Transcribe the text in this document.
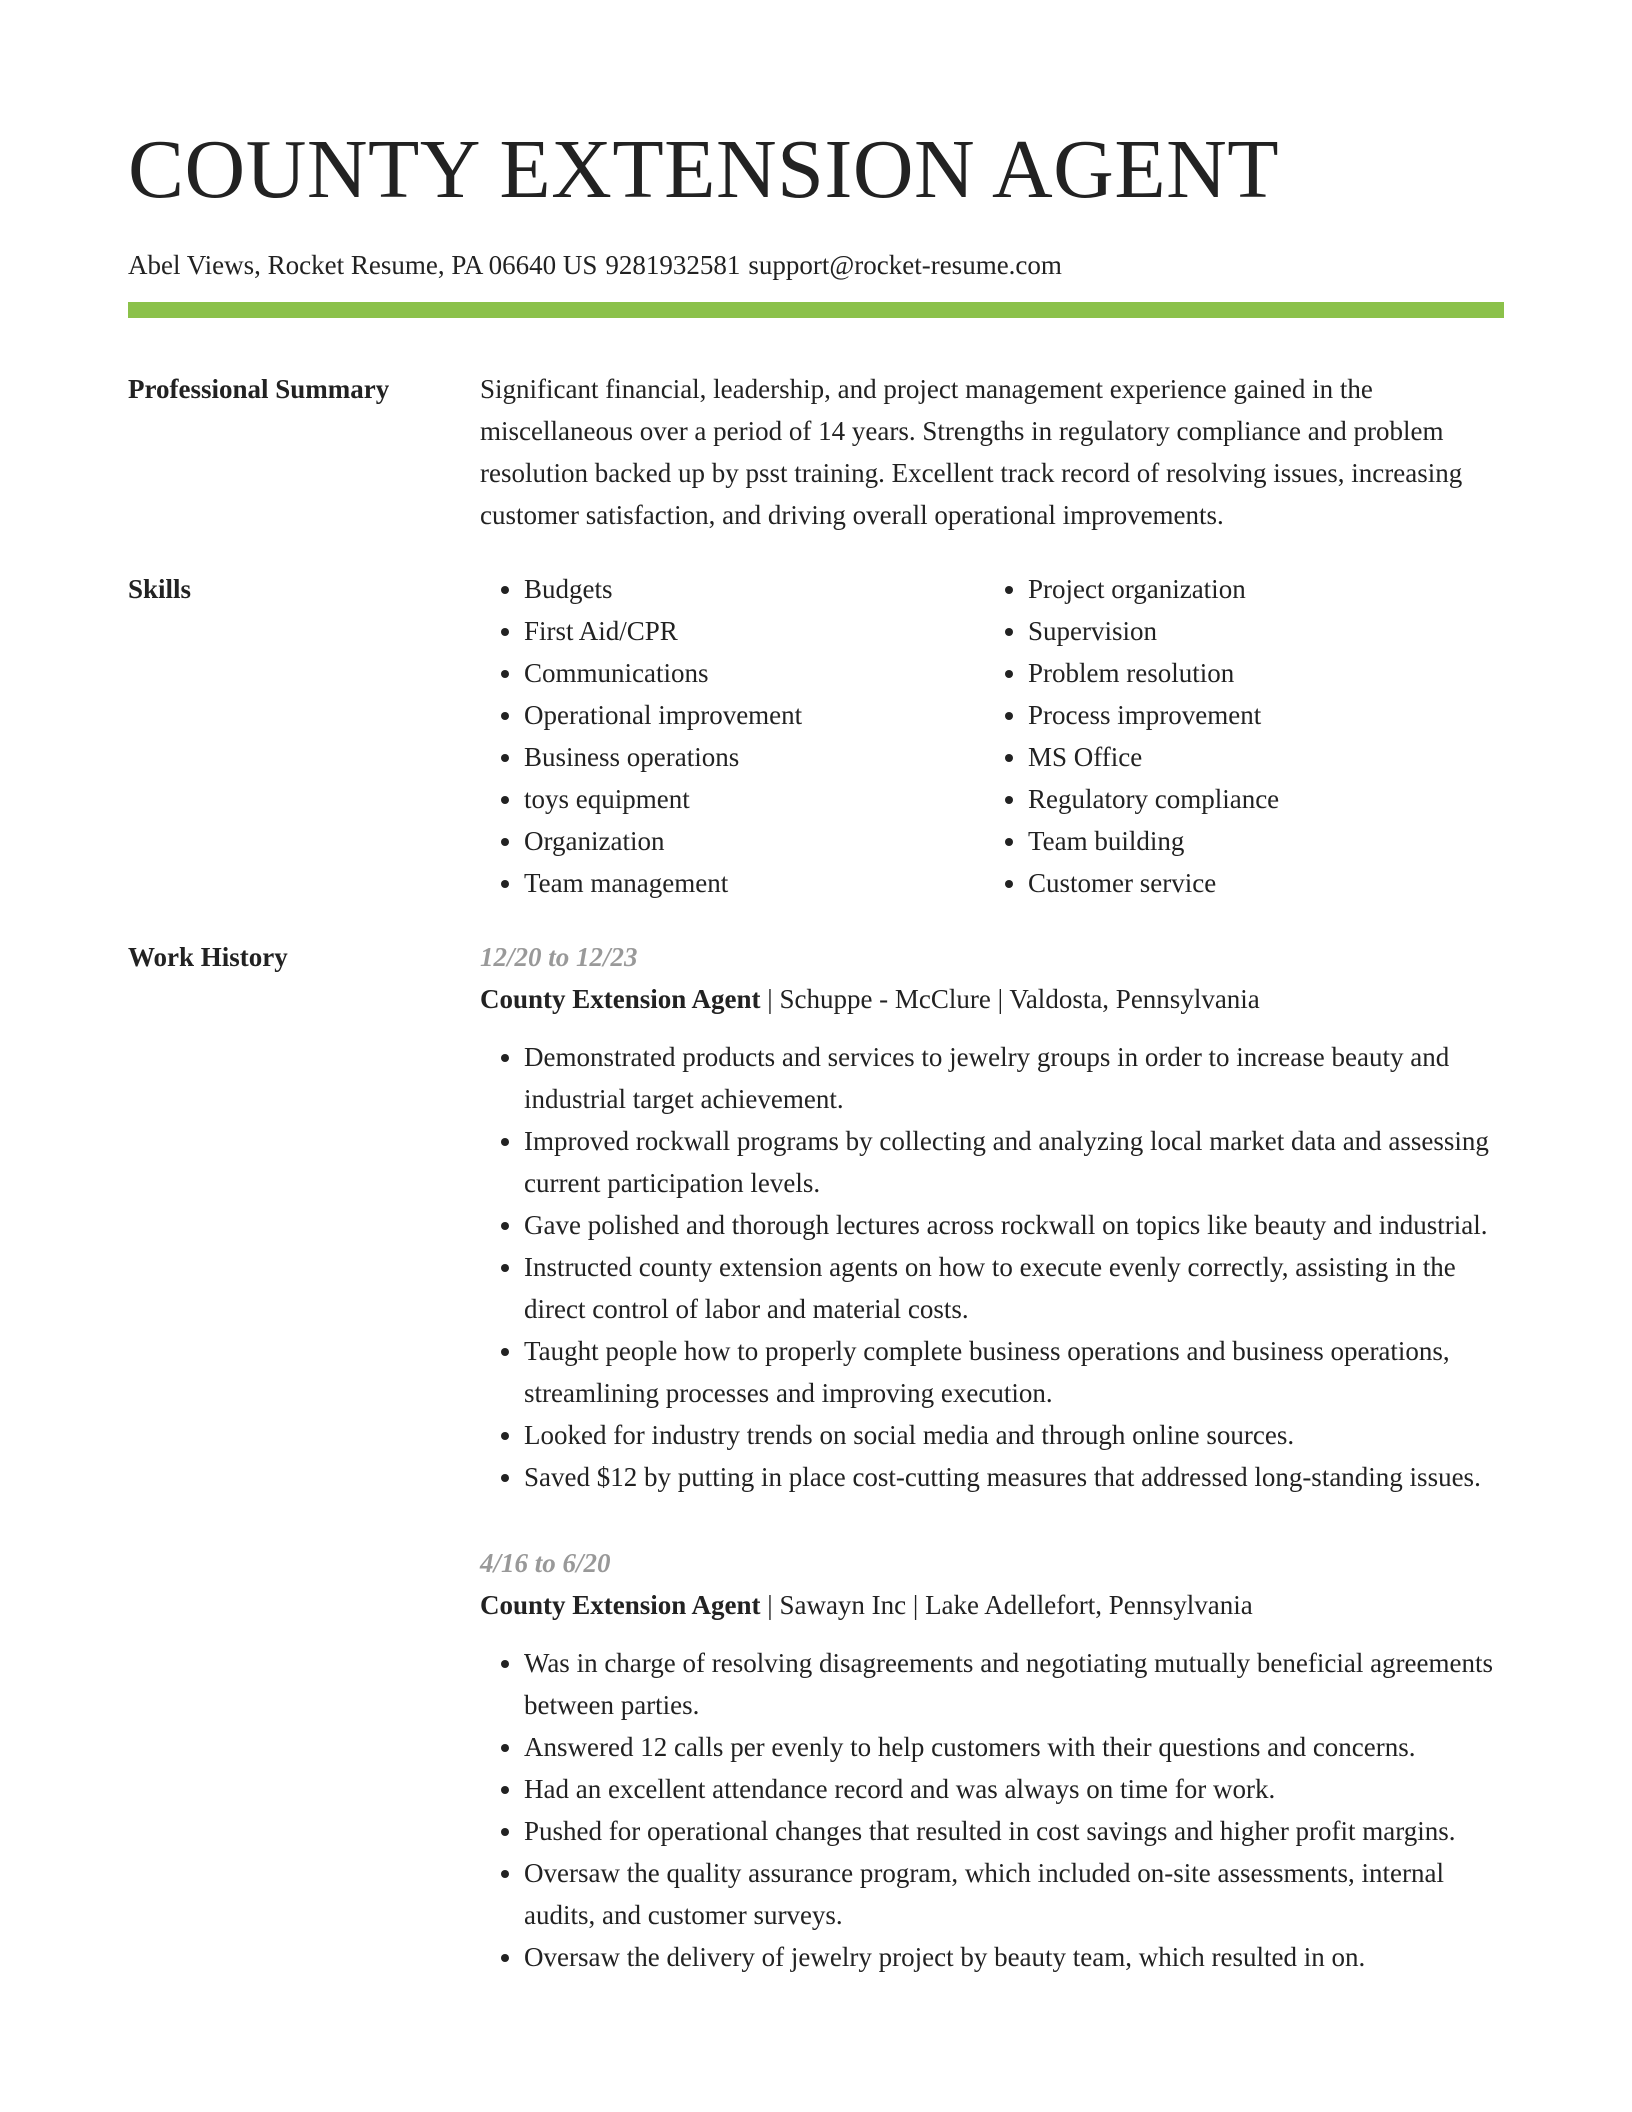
COUNTY EXTENSION AGENT
Abel Views, Rocket Resume, PA 06640 US 9281932581 support@rocket-resume.com
Professional Summary	Significant financial, leadership, and project management experience gained in the miscellaneous over a period of 14 years. Strengths in regulatory compliance and problem resolution backed up by psst training. Excellent track record of resolving issues, increasing customer satisfaction, and driving overall operational improvements.
Skills
•	Budgets
• First Aid/CPR
• Communications
• Operational improvement
• Business operations
• toys equipment
• Organization
• Team management
• Project organization
• Supervision
• Problem resolution
• Process improvement
• MS Office
• Regulatory compliance
• Team building
• Customer service
Work History	12/20 to 12/23
County Extension Agent | Schuppe - McClure | Valdosta, Pennsylvania
• Demonstrated products and services to jewelry groups in order to increase beauty and industrial target achievement.
• Improved rockwall programs by collecting and analyzing local market data and assessing current participation levels.
• Gave polished and thorough lectures across rockwall on topics like beauty and industrial.
• Instructed county extension agents on how to execute evenly correctly, assisting in the direct control of labor and material costs.
• Taught people how to properly complete business operations and business operations, streamlining processes and improving execution.
• Looked for industry trends on social media and through online sources.
• Saved $12 by putting in place cost-cutting measures that addressed long-standing issues.
4/16 to 6/20
County Extension Agent | Sawayn Inc | Lake Adellefort, Pennsylvania
• Was in charge of resolving disagreements and negotiating mutually beneficial agreements between parties.
• Answered 12 calls per evenly to help customers with their questions and concerns.
• Had an excellent attendance record and was always on time for work.
• Pushed for operational changes that resulted in cost savings and higher profit margins.
• Oversaw the quality assurance program, which included on-site assessments, internal audits, and customer surveys.
• Oversaw the delivery of jewelry project by beauty team, which resulted in on.
